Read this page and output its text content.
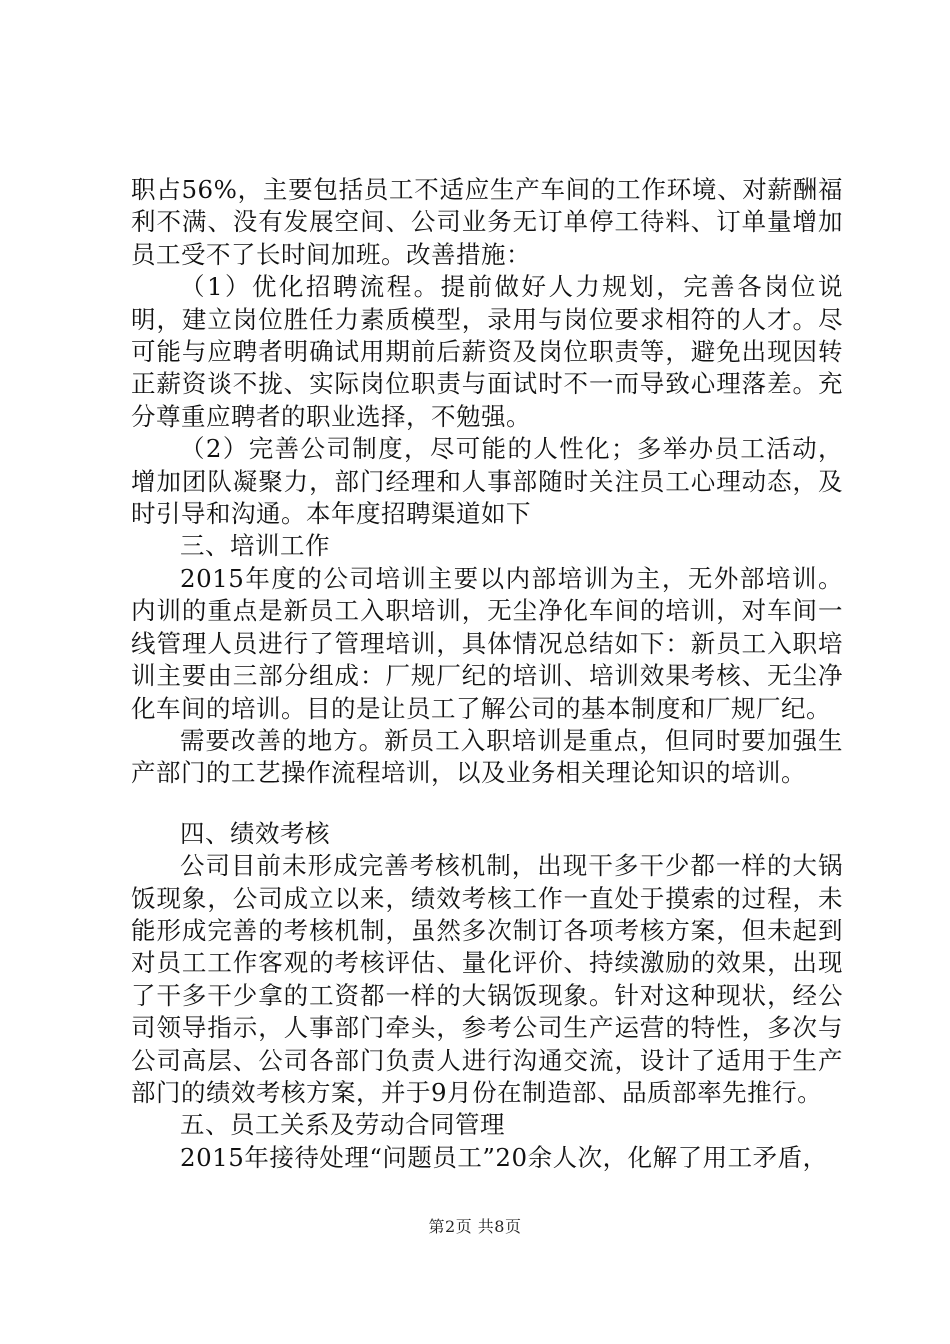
职占56%，主要包括员工不适应生产车间的工作环境、对薪酬福利不满、没有发展空间、公司业务无订单停工待料、订单量增加员工受不了长时间加班。改善措施：

（1）优化招聘流程。提前做好人力规划，完善各岗位说明，建立岗位胜任力素质模型，录用与岗位要求相符的人才。尽可能与应聘者明确试用期前后薪资及岗位职责等，避免出现因转正薪资谈不拢、实际岗位职责与面试时不一而导致心理落差。充分尊重应聘者的职业选择，不勉强。

（2）完善公司制度，尽可能的人性化；多举办员工活动，增加团队凝聚力，部门经理和人事部随时关注员工心理动态，及时引导和沟通。本年度招聘渠道如下

三、培训工作

2015年度的公司培训主要以内部培训为主，无外部培训。内训的重点是新员工入职培训，无尘净化车间的培训，对车间一线管理人员进行了管理培训，具体情况总结如下：新员工入职培训主要由三部分组成：厂规厂纪的培训、培训效果考核、无尘净化车间的培训。目的是让员工了解公司的基本制度和厂规厂纪。

需要改善的地方。新员工入职培训是重点，但同时要加强生产部门的工艺操作流程培训，以及业务相关理论知识的培训。

四、绩效考核

公司目前未形成完善考核机制，出现干多干少都一样的大锅饭现象，公司成立以来，绩效考核工作一直处于摸索的过程，未能形成完善的考核机制，虽然多次制订各项考核方案，但未起到对员工工作客观的考核评估、量化评价、持续激励的效果，出现了干多干少拿的工资都一样的大锅饭现象。针对这种现状，经公司领导指示，人事部门牵头，参考公司生产运营的特性，多次与公司高层、公司各部门负责人进行沟通交流，设计了适用于生产部门的绩效考核方案，并于9月份在制造部、品质部率先推行。

五、员工关系及劳动合同管理

2015年接待处理“问题员工”20余人次，化解了用工矛盾，

第2页 共8页
